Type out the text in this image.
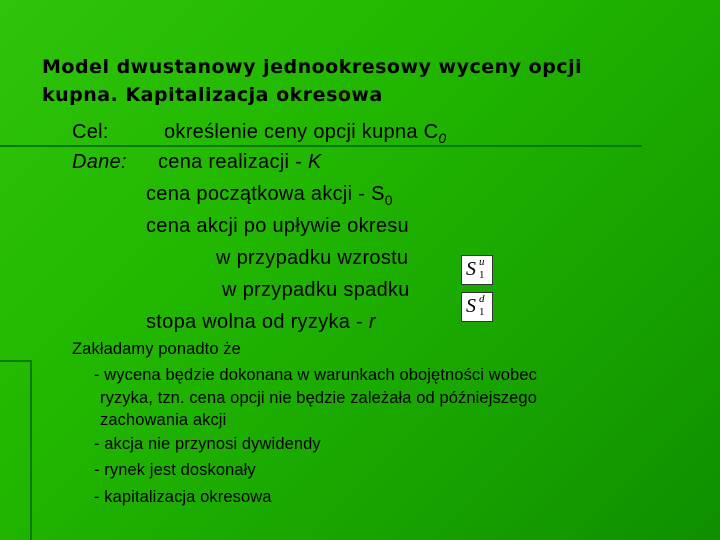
Model dwustanowy jednookresowy wyceny opcji
kupna. Kapitalizacja okresowa
Cel:	określenie ceny opcji kupna $C_0$
Dane: cena realizacji - K
cena początkowa akcji - $S_0$
cena akcji po upływie okresu
w przypadku wzrostu
w przypadku spadku
stopa wolna od ryzyka - r
S u
1
S d
1
Zakładamy ponadto że
- wycena będzie dokonana w warunkach obojętności wobec
ryzyka, tzn. cena opcji nie będzie zależała od późniejszego
zachowania akcji
- akcja nie przynosi dywidendy
- rynek jest doskonały
- kapitalizacja okresowa
